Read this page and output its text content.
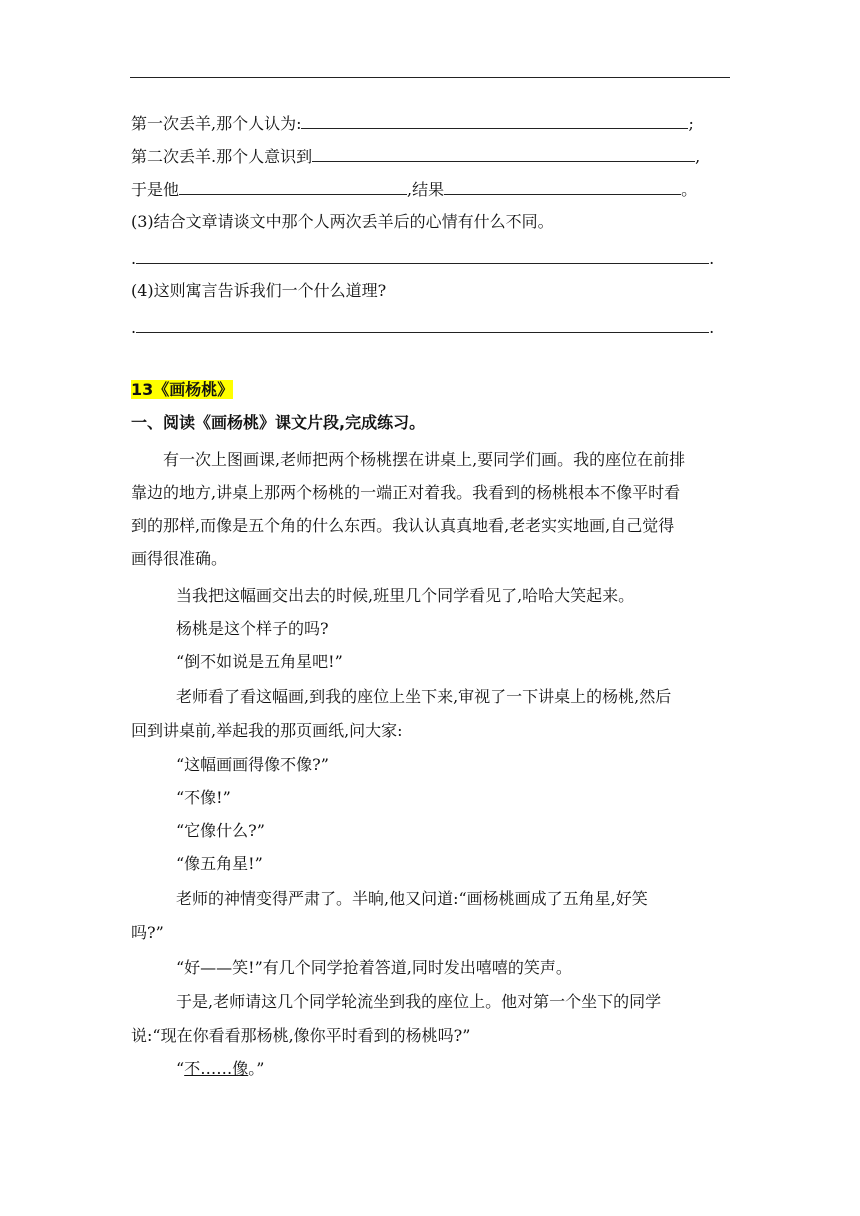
第一次丢羊,那个人认为:	;
第二次丢羊.那个人意识到	,
于是他	,结果	。
(3)结合文章请谈文中那个人两次丢羊后的心情有什么不同。
.	.
(4)这则寓言告诉我们一个什么道理?
.	.
13《画杨桃》
一、阅读《画杨桃》课文片段,完成练习。
有一次上图画课,老师把两个杨桃摆在讲桌上,要同学们画。我的座位在前排
靠边的地方,讲桌上那两个杨桃的一端正对着我。我看到的杨桃根本不像平时看
到的那样,而像是五个角的什么东西。我认认真真地看,老老实实地画,自己觉得
画得很准确。
当我把这幅画交出去的时候,班里几个同学看见了,哈哈大笑起来。
杨桃是这个样子的吗?
“倒不如说是五角星吧!”
老师看了看这幅画,到我的座位上坐下来,审视了一下讲桌上的杨桃,然后
回到讲桌前,举起我的那页画纸,问大家:
“这幅画画得像不像?”
“不像!”
“它像什么?”
“像五角星!”
老师的神情变得严肃了。半晌,他又问道:“画杨桃画成了五角星,好笑
吗?”
“好——笑!”有几个同学抢着答道,同时发出嘻嘻的笑声。
于是,老师请这几个同学轮流坐到我的座位上。他对第一个坐下的同学
说:“现在你看看那杨桃,像你平时看到的杨桃吗?”
“不……像。”
